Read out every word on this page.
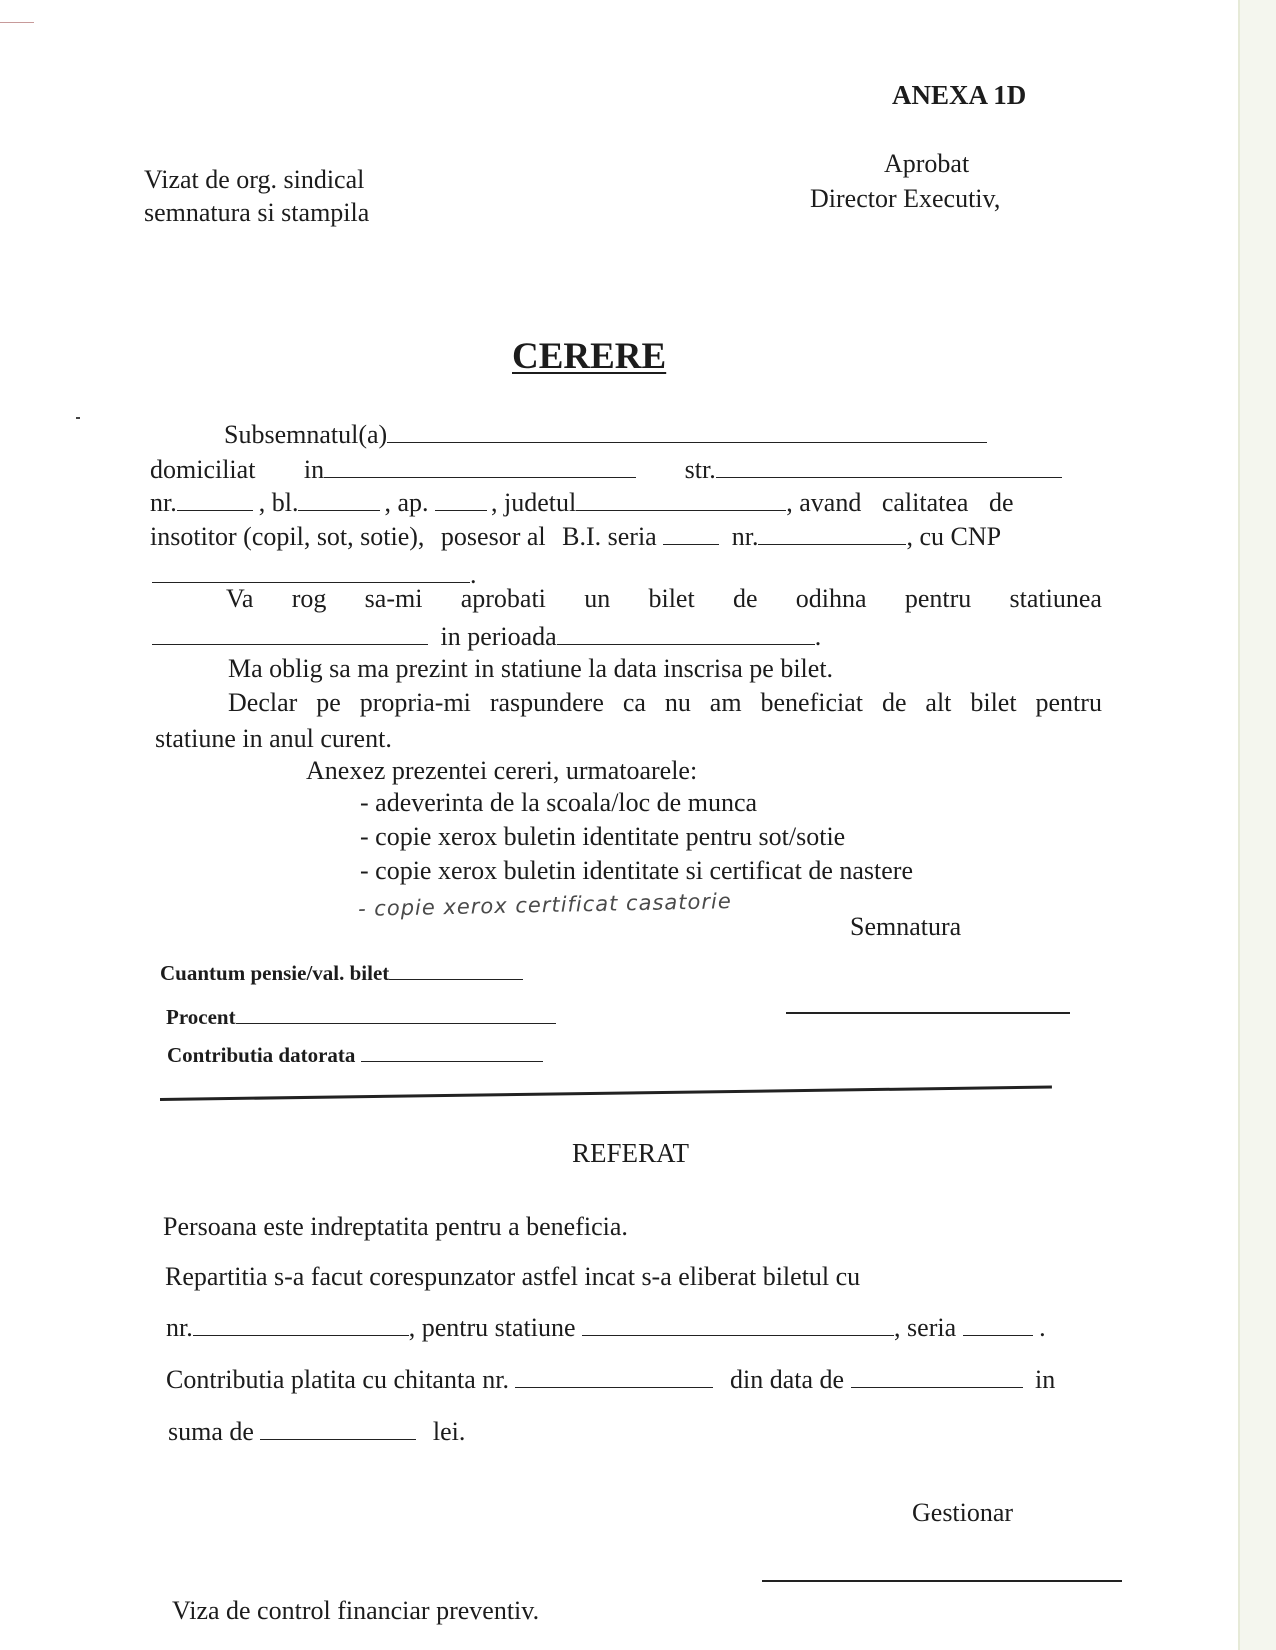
ANEXA 1D
Vizat de org. sindical
semnatura si stampila
Aprobat
Director Executiv,
CERERE
Subsemnatul(a)
domiciliat in	str.
nr.	, bl.	, ap. , judetul	, avand calitatea de
insotitor (copil, sot, sotie), posesor al B.I. seria	nr.	, cu CNP
.
Va rog sa-mi aprobati un bilet de odihna pentru statiunea
in perioada	.
Ma oblig sa ma prezint in statiune la data inscrisa pe bilet.
Declar pe propria-mi raspundere ca nu am beneficiat de alt bilet pentru
statiune in anul curent.
Anexez prezentei cereri, urmatoarele:
- adeverinta de la scoala/loc de munca
- copie xerox buletin identitate pentru sot/sotie
- copie xerox buletin identitate si certificat de nastere
- copie xerox certificat casatorie
Semnatura
Cuantum pensie/val. bilet
Procent
Contributia datorata
REFERAT
Persoana este indreptatita pentru a beneficia.
Repartitia s-a facut corespunzator astfel incat s-a eliberat biletul cu
nr.	, pentru statiune	, seria	.
Contributia platita cu chitanta nr.	din data de	in
suma de	lei.
Gestionar
Viza de control financiar preventiv.
